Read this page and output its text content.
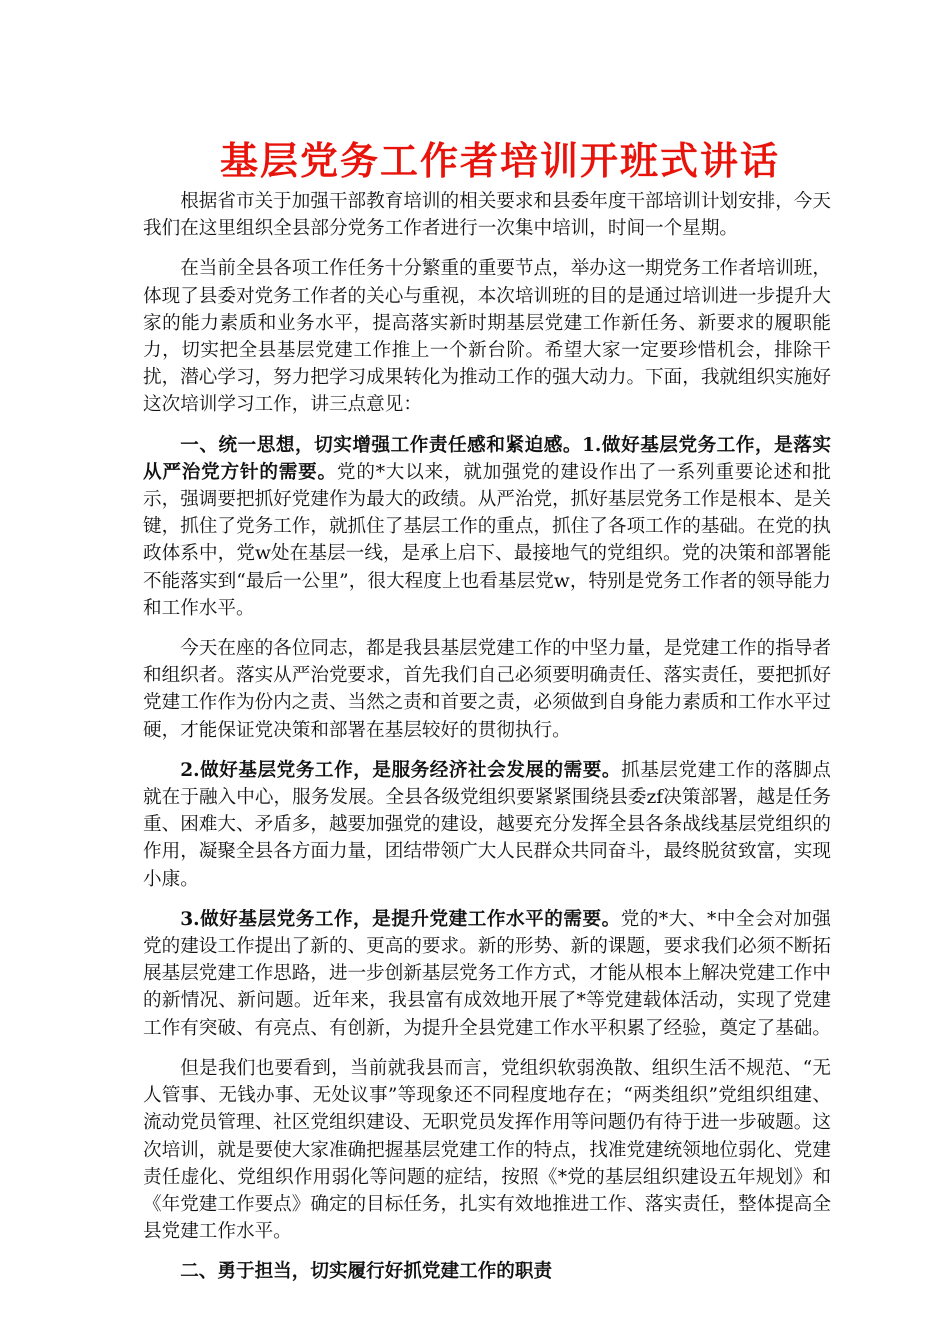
基层党务工作者培训开班式讲话

根据省市关于加强干部教育培训的相关要求和县委年度干部培训计划安排，今天我们在这里组织全县部分党务工作者进行一次集中培训，时间一个星期。

在当前全县各项工作任务十分繁重的重要节点，举办这一期党务工作者培训班，体现了县委对党务工作者的关心与重视，本次培训班的目的是通过培训进一步提升大家的能力素质和业务水平，提高落实新时期基层党建工作新任务、新要求的履职能力，切实把全县基层党建工作推上一个新台阶。希望大家一定要珍惜机会，排除干扰，潜心学习，努力把学习成果转化为推动工作的强大动力。下面，我就组织实施好这次培训学习工作，讲三点意见：

一、统一思想，切实增强工作责任感和紧迫感。1.做好基层党务工作，是落实从严治党方针的需要。党的*大以来，就加强党的建设作出了一系列重要论述和批示，强调要把抓好党建作为最大的政绩。从严治党，抓好基层党务工作是根本、是关键，抓住了党务工作，就抓住了基层工作的重点，抓住了各项工作的基础。在党的执政体系中，党w处在基层一线，是承上启下、最接地气的党组织。党的决策和部署能不能落实到“最后一公里”，很大程度上也看基层党w，特别是党务工作者的领导能力和工作水平。

今天在座的各位同志，都是我县基层党建工作的中坚力量，是党建工作的指导者和组织者。落实从严治党要求，首先我们自己必须要明确责任、落实责任，要把抓好党建工作作为份内之责、当然之责和首要之责，必须做到自身能力素质和工作水平过硬，才能保证党决策和部署在基层较好的贯彻执行。

2.做好基层党务工作，是服务经济社会发展的需要。抓基层党建工作的落脚点就在于融入中心，服务发展。全县各级党组织要紧紧围绕县委zf决策部署，越是任务重、困难大、矛盾多，越要加强党的建设，越要充分发挥全县各条战线基层党组织的作用，凝聚全县各方面力量，团结带领广大人民群众共同奋斗，最终脱贫致富，实现小康。

3.做好基层党务工作，是提升党建工作水平的需要。党的*大、*中全会对加强党的建设工作提出了新的、更高的要求。新的形势、新的课题，要求我们必须不断拓展基层党建工作思路，进一步创新基层党务工作方式，才能从根本上解决党建工作中的新情况、新问题。近年来，我县富有成效地开展了*等党建载体活动，实现了党建工作有突破、有亮点、有创新，为提升全县党建工作水平积累了经验，奠定了基础。

但是我们也要看到，当前就我县而言，党组织软弱涣散、组织生活不规范、“无人管事、无钱办事、无处议事”等现象还不同程度地存在；“两类组织”党组织组建、流动党员管理、社区党组织建设、无职党员发挥作用等问题仍有待于进一步破题。这次培训，就是要使大家准确把握基层党建工作的特点，找准党建统领地位弱化、党建责任虚化、党组织作用弱化等问题的症结，按照《*党的基层组织建设五年规划》和《年党建工作要点》确定的目标任务，扎实有效地推进工作、落实责任，整体提高全县党建工作水平。

二、勇于担当，切实履行好抓党建工作的职责
